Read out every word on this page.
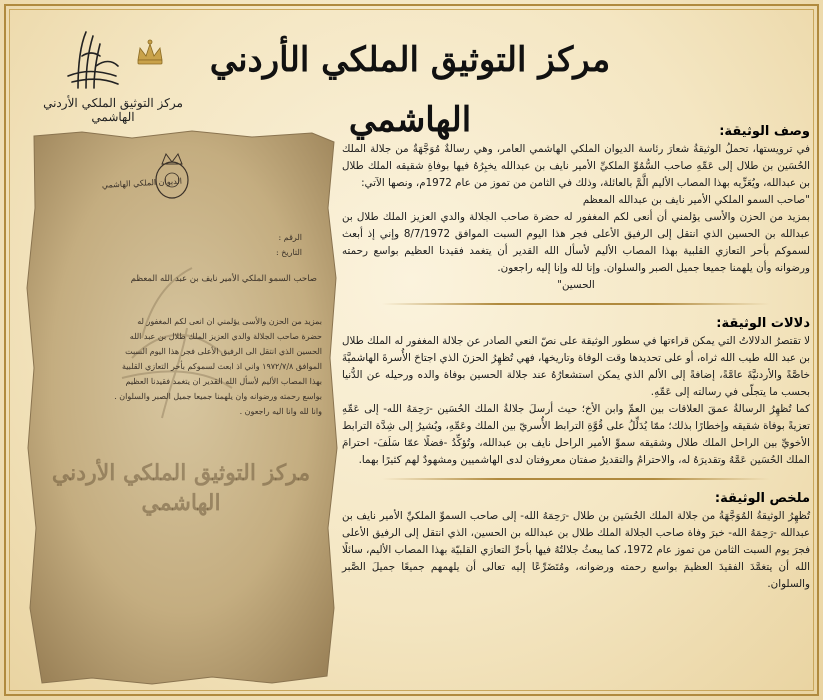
مركز التوثيق الملكي الأردني الهاشمي
مركز التوثيق الملكي الأردني الهاشمي
الديوان الملكي الهاشمي
الرقم :
التاريخ :
صاحب السمو الملكي الأمير نايف بن عبد الله المعظم
بمزيد من الحزن والأسى يؤلمني ان انعى لكم المغفور له
حضرة صاحب الجلالة والدي العزيز الملك طلال بن عبد الله
الحسين الذي انتقل الى الرفيق الأعلى فجر هذا اليوم السبت
الموافق ١٩٧٢/٧/٨ واني اذ ابعث لسموكم بأحر التعازي القلبية
بهذا المصاب الأليم لأسأل الله القدير ان يتغمد فقيدنا العظيم
بواسع رحمته ورضوانه وان يلهمنا جميعا جميل الصبر والسلوان .
وانا لله وانا اليه راجعون .
مركز التوثيق الملكي الأردني الهاشمي
وصف الوثيقة:

في ترويستها، تحملُ الوثيقةُ شعارَ رئاسة الديوان الملكي الهاشمي العامر، وهي رسالةٌ مُوَجَّهَةٌ من جلالة الملك الحُسَين بن طلال إلى عَمِّهِ صاحب السُّمُوِّ الملكيِّ الأمير نايف بن عبدالله يخبِرُهُ فيها بوفاةِ شقيقه الملك طلال بن عبدالله، ويُعَزِّيه بهذا المصاب الأليم الَّمَّ بالعائلة، وذلك في الثامن من تموز من عام 1972م، ونصها الآتي:

"صاحب السمو الملكي الأمير نايف بن عبدالله المعظم

بمزيد من الحزن والأسى يؤلمني أن أنعى لكم المغفور له حضرة صاحب الجلالة والدي العزيز الملك طلال بن عبدالله بن الحسين الذي انتقل إلى الرفيق الأعلى فجر هذا اليوم السبت الموافق 8/7/1972 وإني إذ أبعث لسموكم بأحر التعازي القلبية بهذا المصاب الأليم لأسأل الله القدير أن يتغمد فقيدنا العظيم بواسع رحمته ورضوانه وأن يلهمنا جميعا جميل الصبر والسلوان. وإنا لله وإنا إليه راجعون.

الحسين"

دلالات الوثيقة:

لا تقتصرُ الدلالاتُ التي يمكن قراءتها في سطور الوثيقة على نصّ النعي الصادر عن جلالة المغفور له الملك طلال بن عبد الله طيب الله ثراه، أو على تحديدها وقت الوفاة وتاريخها، فهي تُظهِرُ الحزنَ الذي اجتاحَ الأُسرةَ الهاشميَّةَ خاصَّةً والأردنيَّةَ عامَّةً، إضافةً إلى الألم الذي يمكن استشعارُهُ عند جلالة الحسين بوفاة والده ورحيله عن الدُّنيا بحسب ما يتجلّى في رسالته إلى عَمِّهِ.

كما تُظهِرُ الرسالةُ عمقَ العلاقات بين العمِّ وابن الأخ؛ حيث أرسلَ جلالةُ الملك الحُسَين -رَحِمَهُ الله- إلى عَمِّهِ تعزيةً بوفاة شقيقه وإخطارًا بذلك؛ ممّا يُدَلِّلُ على قُوَّةِ الترابط الأُسريّ بين الملك وعَمِّهِ، ويُشيرُ إلى شِدَّة الترابط الأخويِّ بين الراحل الملك طلال وشقيقه سموِّ الأمير الراحل نايف بن عبدالله، وتُؤكِّدُ -فضلًا عمّا سَلَفَ- احترامَ الملك الحُسَين عَمَّهُ وتقديرَهُ له، والاحترامُ والتقديرُ صفتان معروفتان لدى الهاشميين ومشهودٌ لهم كثيرًا بهما.

ملخص الوثيقة:

تُظهِرُ الوثيقةُ المُوَجَّهَةُ من جلالة الملك الحُسَين بن طلال -رَحِمَهُ الله- إلى صاحب السموِّ الملكيِّ الأمير نايف بن عبدالله -رَحِمَهُ الله- خبرَ وفاة صاحب الجلالة الملك طلال بن عبدالله بن الحسين، الذي انتقل إلى الرفيق الأعلى فجرَ يوم السبت الثامن من تموز عام 1972، كما يبعثُ جلالتُهُ فيها بأحرِّ التعازي القلبيّة بهذا المصاب الأليم، سائلًا الله أن يتغمَّدَ الفقيدَ العظيمَ بواسع رحمته ورضوانه، ومُتَضَرِّعًا إليه تعالى أن يلهمهم جميعًا جميلَ الصَّبر والسلوان.
